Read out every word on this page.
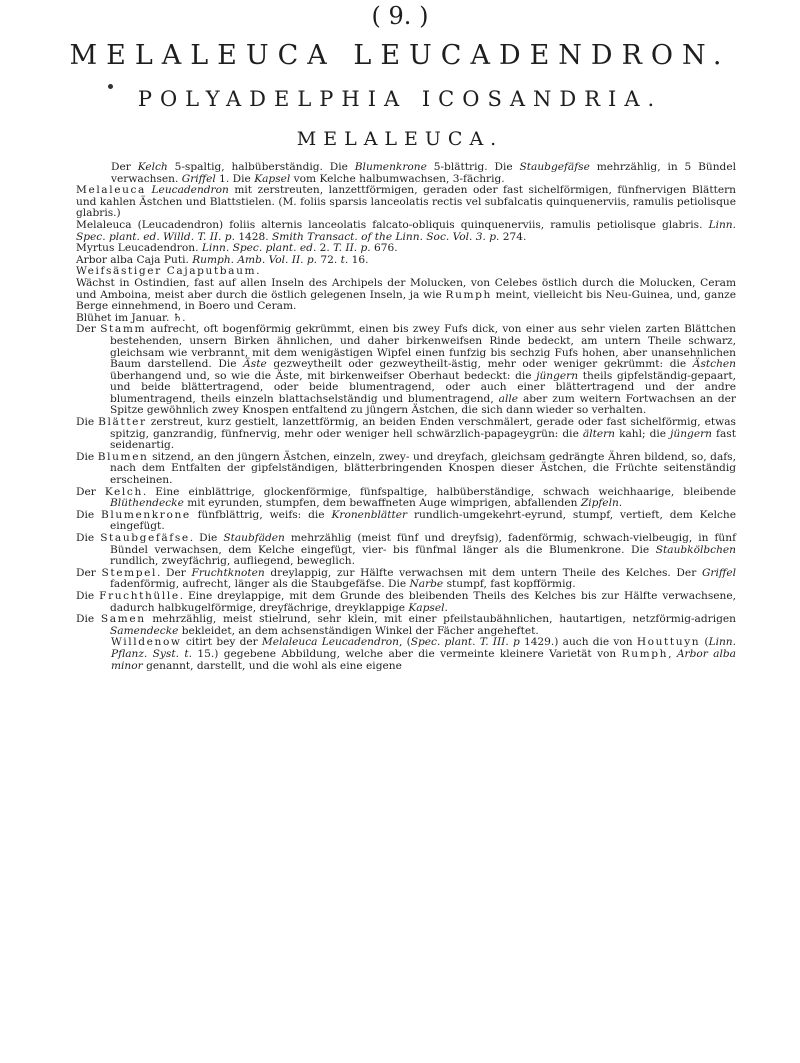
( 9. )
MELALEUCA LEUCADENDRON.
POLYADELPHIA ICOSANDRIA.
MELALEUCA.

Der Kelch 5-spaltig, halbüberständig. Die Blumenkrone 5-blättrig. Die Staubgefäfse mehrzählig, in 5 Bündel verwachsen. Griffel 1. Die Kapsel vom Kelche halbumwachsen, 3-fächrig.

Melaleuca Leucadendron mit zerstreuten, lanzettförmigen, geraden oder fast sichelförmigen, fünfnervigen Blättern und kahlen Ästchen und Blattstielen. (M. foliis sparsis lanceolatis rectis vel subfalcatis quinquenerviis, ramulis petiolisque glabris.)

Melaleuca (Leucadendron) foliis alternis lanceolatis falcato-obliquis quinquenerviis, ramulis petiolisque glabris. Linn. Spec. plant. ed. Willd. T. II. p. 1428. Smith Transact. of the Linn. Soc. Vol. 3. p. 274.

Myrtus Leucadendron. Linn. Spec. plant. ed. 2. T. II. p. 676.

Arbor alba Caja Puti. Rumph. Amb. Vol. II. p. 72. t. 16.

Weifsästiger Cajaputbaum.

Wächst in Ostindien, fast auf allen Inseln des Archipels der Molucken, von Celebes östlich durch die Molucken, Ceram und Amboina, meist aber durch die östlich gelegenen Inseln, ja wie Rumph meint, vielleicht bis Neu-Guinea, und, ganze Berge einnehmend, in Boero und Ceram.

Blühet im Januar. ♄.

Der Stamm aufrecht, oft bogenförmig gekrümmt, einen bis zwey Fufs dick, von einer aus sehr vielen zarten Blättchen bestehenden, unsern Birken ähnlichen, und daher birkenweifsen Rinde bedeckt, am untern Theile schwarz, gleichsam wie verbrannt, mit dem wenigästigen Wipfel einen funfzig bis sechzig Fufs hohen, aber unansehnlichen Baum darstellend. Die Äste gezweytheilt oder gezweytheilt-ästig, mehr oder weniger gekrümmt: die Ästchen überhangend und, so wie die Äste, mit birkenweifser Oberhaut bedeckt: die jüngern theils gipfelständig-gepaart, und beide blättertragend, oder beide blumentragend, oder auch einer blättertragend und der andre blumentragend, theils einzeln blattachselständig und blumentragend, alle aber zum weitern Fortwachsen an der Spitze gewöhnlich zwey Knospen entfaltend zu jüngern Ästchen, die sich dann wieder so verhalten.

Die Blätter zerstreut, kurz gestielt, lanzettförmig, an beiden Enden verschmälert, gerade oder fast sichelförmig, etwas spitzig, ganzrandig, fünfnervig, mehr oder weniger hell schwärzlich-papageygrün: die ältern kahl; die jüngern fast seidenartig.

Die Blumen sitzend, an den jüngern Ästchen, einzeln, zwey- und dreyfach, gleichsam gedrängte Ähren bildend, so, dafs, nach dem Entfalten der gipfelständigen, blätterbringenden Knospen dieser Ästchen, die Früchte seitenständig erscheinen.

Der Kelch. Eine einblättrige, glockenförmige, fünfspaltige, halbüberständige, schwach weichhaarige, bleibende Blüthendecke mit eyrunden, stumpfen, dem bewaffneten Auge wimprigen, abfallenden Zipfeln.

Die Blumenkrone fünfblättrig, weifs: die Kronenblätter rundlich-umgekehrt-eyrund, stumpf, vertieft, dem Kelche eingefügt.

Die Staubgefäfse. Die Staubfäden mehrzählig (meist fünf und dreyfsig), fadenförmig, schwach-vielbeugig, in fünf Bündel verwachsen, dem Kelche eingefügt, vier- bis fünfmal länger als die Blumenkrone. Die Staubkölbchen rundlich, zweyfächrig, aufliegend, beweglich.

Der Stempel. Der Fruchtknoten dreylappig, zur Hälfte verwachsen mit dem untern Theile des Kelches. Der Griffel fadenförmig, aufrecht, länger als die Staubgefäfse. Die Narbe stumpf, fast kopfförmig.

Die Fruchthülle. Eine dreylappige, mit dem Grunde des bleibenden Theils des Kelches bis zur Hälfte verwachsene, dadurch halbkugelförmige, dreyfächrige, dreyklappige Kapsel.

Die Samen mehrzählig, meist stielrund, sehr klein, mit einer pfeilstaubähnlichen, hautartigen, netzförmig-adrigen Samendecke bekleidet, an dem achsenständigen Winkel der Fächer angeheftet.

Willdenow citirt bey der Melaleuca Leucadendron, (Spec. plant. T. III. p 1429.) auch die von Houttuyn (Linn. Pflanz. Syst. t. 15.) gegebene Abbildung, welche aber die vermeinte kleinere Varietät von Rumph, Arbor alba minor genannt, darstellt, und die wohl als eine eigene
